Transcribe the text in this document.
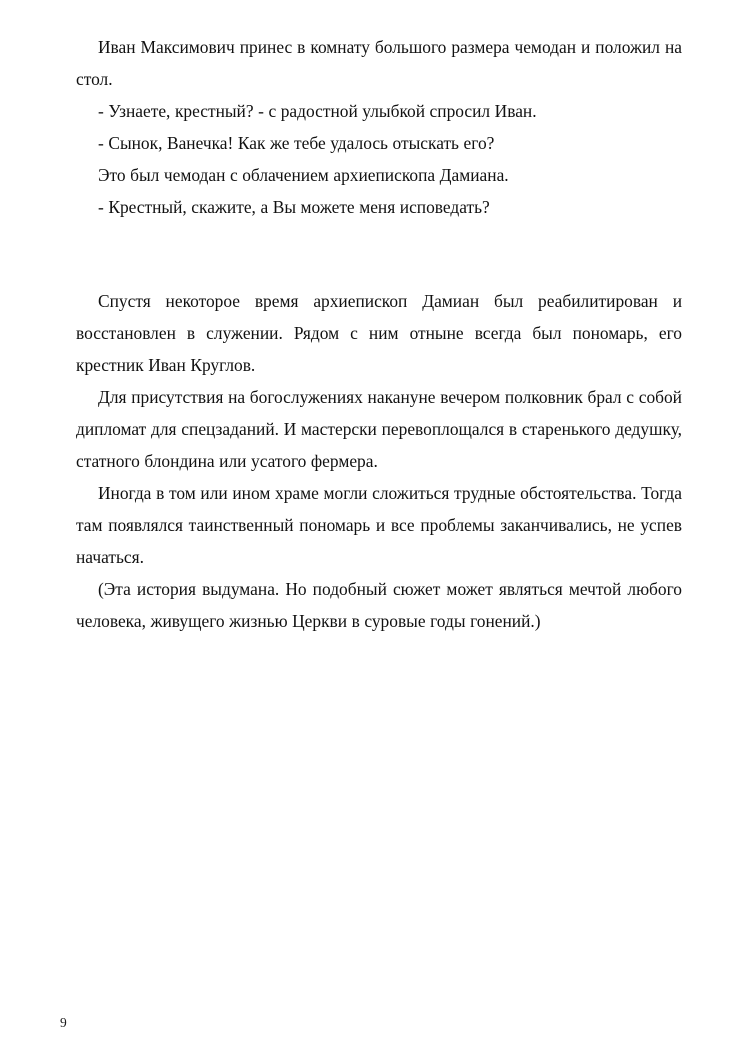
Иван Максимович принес в комнату большого размера чемодан и положил на стол.

- Узнаете, крестный? - с радостной улыбкой спросил Иван.

- Сынок, Ванечка! Как же тебе удалось отыскать его?

Это был чемодан с облачением архиепископа Дамиана.

- Крестный, скажите, а Вы можете меня исповедать?

Спустя некоторое время архиепископ Дамиан был реабилитирован и восстановлен в служении. Рядом с ним отныне всегда был пономарь, его крестник Иван Круглов.

Для присутствия на богослужениях накануне вечером полковник брал с собой дипломат для спецзаданий. И мастерски перевоплощался в старенького дедушку, статного блондина или усатого фермера.

Иногда в том или ином храме могли сложиться трудные обстоятельства. Тогда там появлялся таинственный пономарь и все проблемы заканчивались, не успев начаться.

(Эта история выдумана. Но подобный сюжет может являться мечтой любого человека, живущего жизнью Церкви в суровые годы гонений.)

9
